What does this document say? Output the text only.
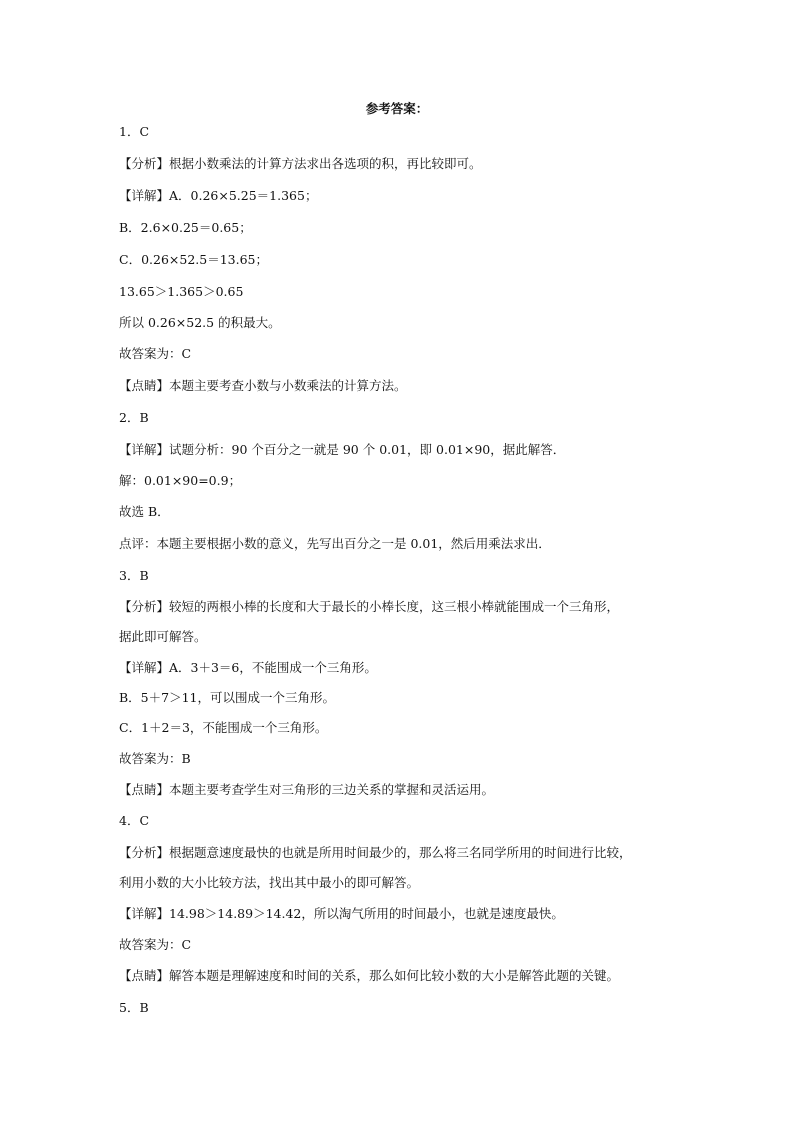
参考答案：
1．C
【分析】根据小数乘法的计算方法求出各选项的积，再比较即可。
【详解】A．0.26×5.25＝1.365；
B．2.6×0.25＝0.65；
C．0.26×52.5＝13.65；
13.65＞1.365＞0.65
所以 0.26×52.5 的积最大。
故答案为：C
【点睛】本题主要考查小数与小数乘法的计算方法。
2．B
【详解】试题分析：90 个百分之一就是 90 个 0.01，即 0.01×90，据此解答．
解：0.01×90=0.9；
故选 B．
点评：本题主要根据小数的意义，先写出百分之一是 0.01，然后用乘法求出．
3．B
【分析】较短的两根小棒的长度和大于最长的小棒长度，这三根小棒就能围成一个三角形，
据此即可解答。
【详解】A．3＋3＝6，不能围成一个三角形。
B．5＋7＞11，可以围成一个三角形。
C．1＋2＝3，不能围成一个三角形。
故答案为：B
【点睛】本题主要考查学生对三角形的三边关系的掌握和灵活运用。
4．C
【分析】根据题意速度最快的也就是所用时间最少的，那么将三名同学所用的时间进行比较，
利用小数的大小比较方法，找出其中最小的即可解答。
【详解】14.98＞14.89＞14.42，所以淘气所用的时间最小，也就是速度最快。
故答案为：C
【点睛】解答本题是理解速度和时间的关系，那么如何比较小数的大小是解答此题的关键。
5．B
